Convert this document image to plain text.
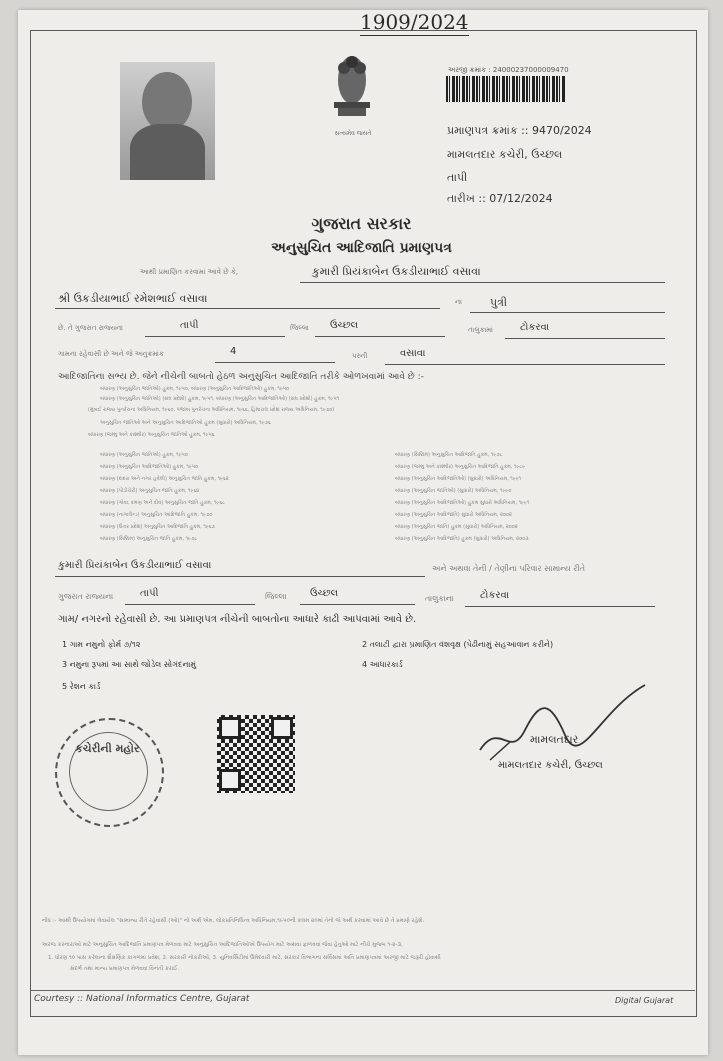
1909/2024
સત્યમેવ જયતે
અરજી ક્રમાંક : 24000237000009470
પ્રમાણપત્ર ક્રમાંક :: 9470/2024
મામલતદાર કચેરી, ઉચ્છલ
તાપી
તારીખ :: 07/12/2024
ગુજરાત સરકાર
અનુસુચિત આદિજાતિ પ્રમાણપત્ર
આથી પ્રમાણિત કરવામાં આવે છે કે,	કુમારી પ્રિયંકાબેન ઉકડીયાભાઈ વસાવા
શ્રી ઉકડીયાભાઈ રમેશભાઈ વસાવા	ના	પુત્રી
છે. તે ગુજરાત રાજ્યના	તાપી	જિલ્લા ઉચ્છલ	તાલુકામાં	ટોકરવા
ગામના રહેવાસી છે અને જે અનુક્રમાંક	4	પરની	વસાવા
આદિજાતિના સભ્ય છે. જેને નીચેની બાબતો હેઠળ અનુસુચિત આદિજાતિ તરીકે ઓળખવામાં આવે છે :-
બંધારણ (અનુસુચિત જાતિઓ) હુકમ, ૧૯૫૦, બંધારણ (અનુસુચિત આદિજાતિઓ) હુકમ, ૧૯૫૦
બંધારણ (અનુસુચિત જાતિઓ) (સંઘ પ્રદેશો) હુકમ, ૧૯૫૧, બંધારણ (અનુસુચિત આદિજાતિઓ) (સંઘ પ્રદેશો) હુકમ, ૧૯૫૧
(મુંબઈ રાજ્ય પુનર્રચના અધિનિયમ, ૧૯૬૦, પંજાબ પુનર્રચના અધિનિયમ, ૧૯૬૬, હિમાચલ પ્રદેશ રાજ્ય અધિનિયમ, ૧૯૭૦)
અનુસુચિત જાતિઓ અને અનુસુચિત આદિજાતિઓ હુકમ (સુધારો) અધિનિયમ, ૧૯૭૬
બંધારણ (જમ્મુ અને કાશ્મીર) અનુસુચિત જાતિઓ હુકમ, ૧૯૫૬
બંધારણ (અનુસુચિત જાતિઓ) હુકમ, ૧૯૫૦
બંધારણ (અનુસુચિત આદિજાતિઓ) હુકમ, ૧૯૫૦
બંધારણ (દાદરા અને નગર હવેલી) અનુસુચિત જાતિ હુકમ, ૧૯૬૨
બંધારણ (પોંડીચેરી) અનુસુચિત જાતિ હુકમ, ૧૯૬૪
બંધારણ (ગોવા, દમણ અને દીવ) અનુસુચિત જાતિ હુકમ, ૧૯૬૮
બંધારણ (નાગાલેન્ડ) અનુસુચિત આદિજાતિ હુકમ, ૧૯૭૦
બંધારણ (ઉત્તર પ્રદેશ) અનુસુચિત આદિજાતિ હુકમ, ૧૯૬૭
બંધારણ (સિક્કિમ) અનુસુચિત જાતિ હુકમ, ૧૯૭૮
બંધારણ (સિક્કિમ) અનુસુચિત આદિજાતિ હુકમ, ૧૯૭૮
બંધારણ (જમ્મુ અને કાશ્મીર) અનુસુચિત આદિજાતિ હુકમ, ૧૯૮૯
બંધારણ (અનુસુચિત આદિજાતિઓ) (સુધારો) અધિનિયમ, ૧૯૯૧
બંધારણ (અનુસુચિત જાતિઓ) (સુધારો) અધિનિયમ, ૧૯૯૦
બંધારણ (અનુસુચિત આદિજાતિઓ) હુકમ સુધારો અધિનિયમ, ૧૯૯૧
બંધારણ (અનુસુચિત આદિજાતિ) સુધારો અધિનિયમ, ૨૦૦૨
બંધારણ (અનુસુચિત જાતિ) હુકમ (સુધારો) અધિનિયમ, ૨૦૦૨
બંધારણ (અનુસુચિત આદિજાતિ) હુકમ (સુધારો) અધિનિયમ, ૨૦૦૩
કુમારી પ્રિયંકાબેન ઉકડીયાભાઈ વસાવા	અને અથવા તેની / તેણીના પરિવાર સામાન્ય રીતે
ગુજરાત રાજ્યના	તાપી	જિલ્લા ઉચ્છલ	તાલુકાના	ટોકરવા
ગામ/ નગરનો રહેવાસી છે. આ પ્રમાણપત્ર નીચેની બાબતોના આધારે કાઢી આપવામાં આવે છે.
1 ગામ નમુનો ફોર્મ ૭/૧૨	2 તલાટી દ્વારા પ્રમાણિત વંશવૃક્ષ (પેઢીનામું સહઆવાન કરીને)
3 નમુના રૂપમાં આ સાથે જોડેલ સોગંદનામું	4 આધારકાર્ડ
5 રેશન કાર્ડ
કચેરીની મહોર
મામલતદાર
મામલતદાર કચેરી, ઉચ્છલ
નોંધ :- આથી ઉપયોગમાં લેવાયેલ "સામાન્ય રીતે રહેવાસી (ઓ)" નો અર્થ એમ, લોકપ્રતિનિધિત્વ અધિનિયમ,૧૯૫૦ની કલમ ૨૦માં તેનો જે અર્થ કરવામાં આવે છે તે પ્રમાણે રહેશે.
અરજ કરનારાઓ માટે અનુસુચિત આદિજાતિ પ્રમાણપત્ર મેળવવા માટે અનુસુચિત આદિજાતિઓએ ઉપયોગ માટે અથવા ફાળવવા જેવા હેતુઓ માટે નીચે મુજબ ૧-૨-૩,
1. ધોરણ ૧૦ પાસ કરેલાના શૈક્ષણિક કાગળમાં પ્રવેશ, 2. સરકારી નોકરીઓ, 3. યુનિવર્સિટીમાં ઉમેદવારી માટે, સરકાર વિભાગના સર્વિસમાં અતિ પ્રમાણપત્રમાં અરજી માટે જરૂરી હોવાથી
સંદર્ભ તથા માન્ય પ્રમાણપત્ર મેળવવા વિનંતી કરાઈ.
Courtesy :: National Informatics Centre, Gujarat	Digital Gujarat
